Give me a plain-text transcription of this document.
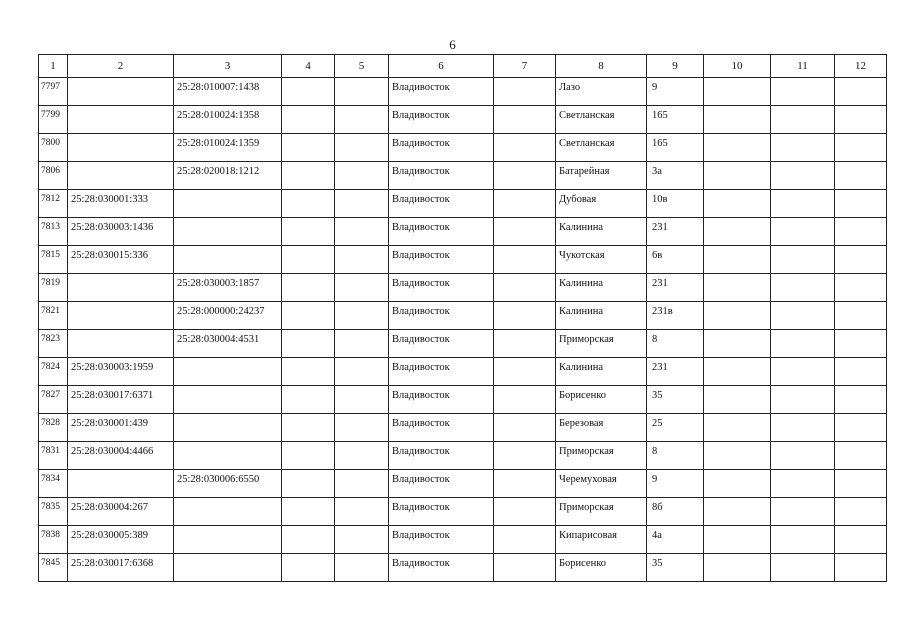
6
1	2	3	4	5	6	7	8	9	10	11	12
7797		25:28:010007:1438			Владивосток		Лазо	9			
7799		25:28:010024:1358			Владивосток		Светланская	165			
7800		25:28:010024:1359			Владивосток		Светланская	165			
7806		25:28:020018:1212			Владивосток		Батарейная	3а			
7812	25:28:030001:333				Владивосток		Дубовая	10в			
7813	25:28:030003:1436				Владивосток		Калинина	231			
7815	25:28:030015:336				Владивосток		Чукотская	6в			
7819		25:28:030003:1857			Владивосток		Калинина	231			
7821		25:28:000000:24237			Владивосток		Калинина	231в			
7823		25:28:030004:4531			Владивосток		Приморская	8			
7824	25:28:030003:1959				Владивосток		Калинина	231			
7827	25:28:030017:6371				Владивосток		Борисенко	35			
7828	25:28:030001:439				Владивосток		Березовая	25			
7831	25:28:030004:4466				Владивосток		Приморская	8			
7834		25:28:030006:6550			Владивосток		Черемуховая	9			
7835	25:28:030004:267				Владивосток		Приморская	8б			
7838	25:28:030005:389				Владивосток		Кипарисовая	4а			
7845	25:28:030017:6368				Владивосток		Борисенко	35			
